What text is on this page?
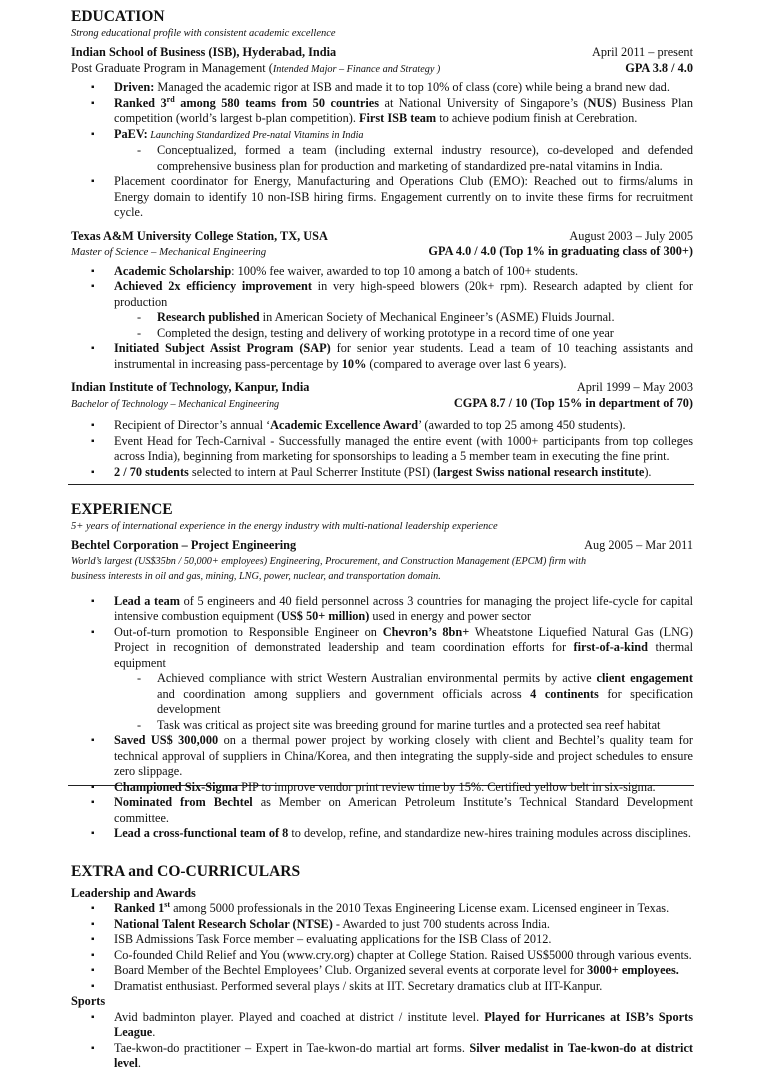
EDUCATION
Strong educational profile with consistent academic excellence
Indian School of Business (ISB), Hyderabad, India	April 2011 – present
Post Graduate Program in Management (Intended Major – Finance and Strategy )	GPA 3.8 / 4.0
▪ Driven: Managed the academic rigor at ISB and made it to top 10% of class (core) while being a brand new dad.
▪ Ranked 3rd among 580 teams from 50 countries at National University of Singapore’s (NUS) Business Plan competition (world’s largest b-plan competition). First ISB team to achieve podium finish at Cerebration.
▪ PaEV: Launching Standardized Pre-natal Vitamins in India
- Conceptualized, formed a team (including external industry resource), co-developed and defended comprehensive business plan for production and marketing of standardized pre-natal vitamins in India.
▪ Placement coordinator for Energy, Manufacturing and Operations Club (EMO): Reached out to firms/alums in Energy domain to identify 10 non-ISB hiring firms. Engagement currently on to invite these firms for recruitment cycle.
Texas A&M University College Station, TX, USA	August 2003 – July 2005
Master of Science – Mechanical Engineering	GPA 4.0 / 4.0 (Top 1% in graduating class of 300+)
▪ Academic Scholarship: 100% fee waiver, awarded to top 10 among a batch of 100+ students.
▪ Achieved 2x efficiency improvement in very high-speed blowers (20k+ rpm). Research adapted by client for production
- Research published in American Society of Mechanical Engineer’s (ASME) Fluids Journal.
- Completed the design, testing and delivery of working prototype in a record time of one year
▪ Initiated Subject Assist Program (SAP) for senior year students. Lead a team of 10 teaching assistants and instrumental in increasing pass-percentage by 10% (compared to average over last 6 years).
Indian Institute of Technology, Kanpur, India	April 1999 – May 2003
Bachelor of Technology – Mechanical Engineering	CGPA 8.7 / 10 (Top 15% in department of 70)
▪ Recipient of Director’s annual ‘Academic Excellence Award’ (awarded to top 25 among 450 students).
▪ Event Head for Tech-Carnival - Successfully managed the entire event (with 1000+ participants from top colleges across India), beginning from marketing for sponsorships to leading a 5 member team in executing the fine print.
▪ 2 / 70 students selected to intern at Paul Scherrer Institute (PSI) (largest Swiss national research institute).
EXPERIENCE
5+ years of international experience in the energy industry with multi-national leadership experience
Bechtel Corporation – Project Engineering	Aug 2005 – Mar 2011
World’s largest (US$35bn / 50,000+ employees) Engineering, Procurement, and Construction Management (EPCM) firm with
business interests in oil and gas, mining, LNG, power, nuclear, and transportation domain.
▪ Lead a team of 5 engineers and 40 field personnel across 3 countries for managing the project life-cycle for capital intensive combustion equipment (US$ 50+ million) used in energy and power sector
▪ Out-of-turn promotion to Responsible Engineer on Chevron’s 8bn+ Wheatstone Liquefied Natural Gas (LNG) Project in recognition of demonstrated leadership and team coordination efforts for first-of-a-kind thermal equipment
- Achieved compliance with strict Western Australian environmental permits by active client engagement and coordination among suppliers and government officials across 4 continents for specification development
- Task was critical as project site was breeding ground for marine turtles and a protected sea reef habitat
▪ Saved US$ 300,000 on a thermal power project by working closely with client and Bechtel’s quality team for technical approval of suppliers in China/Korea, and then integrating the supply-side and project schedules to ensure zero slippage.
▪ Championed Six-Sigma PIP to improve vendor print review time by 15%. Certified yellow belt in six-sigma.
▪ Nominated from Bechtel as Member on American Petroleum Institute’s Technical Standard Development committee.
▪ Lead a cross-functional team of 8 to develop, refine, and standardize new-hires training modules across disciplines.
EXTRA and CO-CURRICULARS
Leadership and Awards
▪ Ranked 1st among 5000 professionals in the 2010 Texas Engineering License exam. Licensed engineer in Texas.
▪ National Talent Research Scholar (NTSE) - Awarded to just 700 students across India.
▪ ISB Admissions Task Force member – evaluating applications for the ISB Class of 2012.
▪ Co-founded Child Relief and You (www.cry.org) chapter at College Station. Raised US$5000 through various events.
▪ Board Member of the Bechtel Employees’ Club. Organized several events at corporate level for 3000+ employees.
▪ Dramatist enthusiast. Performed several plays / skits at IIT. Secretary dramatics club at IIT-Kanpur.
Sports
▪ Avid badminton player. Played and coached at district / institute level. Played for Hurricanes at ISB’s Sports League.
▪ Tae-kwon-do practitioner – Expert in Tae-kwon-do martial art forms. Silver medalist in Tae-kwon-do at district level.
